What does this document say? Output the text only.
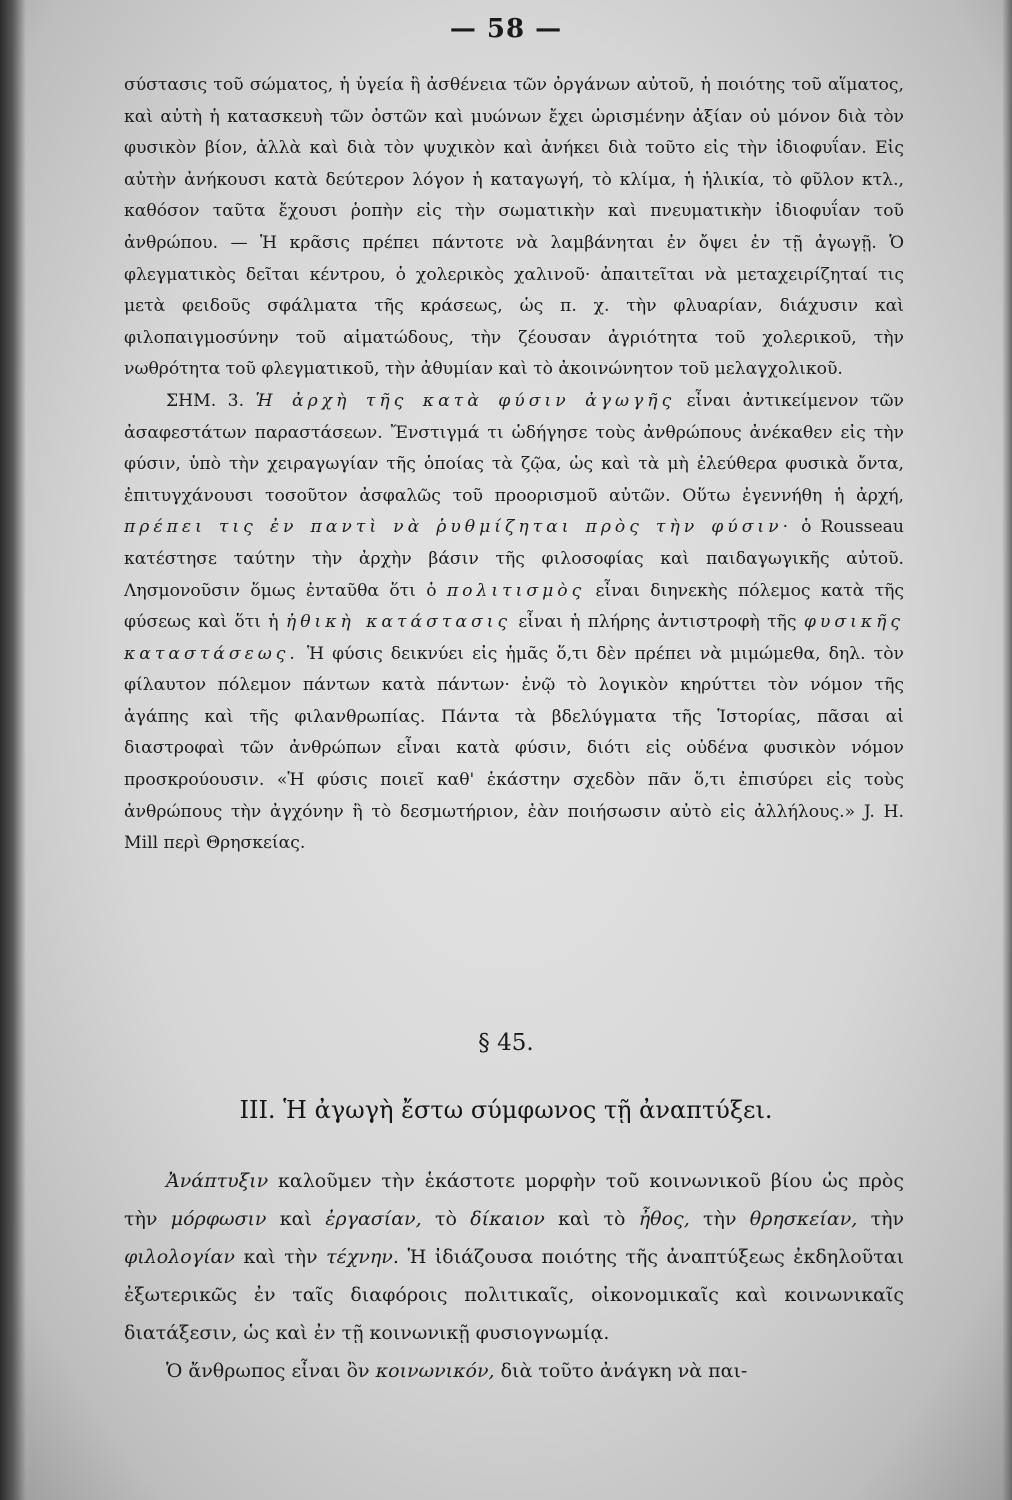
— 58 —

σύστασις τοῦ σώματος, ἡ ὑγεία ἢ ἀσθένεια τῶν ὀργάνων αὐτοῦ, ἡ ποιότης τοῦ αἵματος, καὶ αὐτὴ ἡ κατασκευὴ τῶν ὀστῶν καὶ μυώνων ἔχει ὡρισμένην ἀξίαν οὐ μόνον διὰ τὸν φυσικὸν βίον, ἀλλὰ καὶ διὰ τὸν ψυχικὸν καὶ ἀνήκει διὰ τοῦτο εἰς τὴν ἰδιοφυΐαν. Εἰς αὐτὴν ἀνήκουσι κατὰ δεύτερον λόγον ἡ καταγωγή, τὸ κλίμα, ἡ ἡλικία, τὸ φῦλον κτλ., καθόσον ταῦτα ἔχουσι ῥοπὴν εἰς τὴν σωματικὴν καὶ πνευματικὴν ἰδιοφυΐαν τοῦ ἀνθρώπου. — Ἡ κρᾶσις πρέπει πάντοτε νὰ λαμβάνηται ἐν ὄψει ἐν τῇ ἀγωγῇ. Ὁ φλεγματικὸς δεῖται κέντρου, ὁ χολερικὸς χαλινοῦ· ἀπαιτεῖται νὰ μεταχειρίζηταί τις μετὰ φειδοῦς σφάλματα τῆς κράσεως, ὡς π. χ. τὴν φλυαρίαν, διάχυσιν καὶ φιλοπαιγμοσύνην τοῦ αἱματώδους, τὴν ζέουσαν ἀγριότητα τοῦ χολερικοῦ, τὴν νωθρότητα τοῦ φλεγματικοῦ, τὴν ἀθυμίαν καὶ τὸ ἀκοινώνητον τοῦ μελαγχολικοῦ.

ΣΗΜ. 3. Ἡ ἀρχὴ τῆς κατὰ φύσιν ἀγωγῆς εἶναι ἀντικείμενον τῶν ἀσαφεστάτων παραστάσεων. Ἔνστιγμά τι ὡδήγησε τοὺς ἀνθρώπους ἀνέκαθεν εἰς τὴν φύσιν, ὑπὸ τὴν χειραγωγίαν τῆς ὁποίας τὰ ζῷα, ὡς καὶ τὰ μὴ ἐλεύθερα φυσικὰ ὄντα, ἐπιτυγχάνουσι τοσοῦτον ἀσφαλῶς τοῦ προορισμοῦ αὐτῶν. Οὕτω ἐγεννήθη ἡ ἀρχή, πρέπει τις ἐν παντὶ νὰ ῥυθμίζηται πρὸς τὴν φύσιν· ὁ Rousseau κατέστησε ταύτην τὴν ἀρχὴν βάσιν τῆς φιλοσοφίας καὶ παιδαγωγικῆς αὐτοῦ. Λησμονοῦσιν ὅμως ἐνταῦθα ὅτι ὁ πολιτισμὸς εἶναι διηνεκὴς πόλεμος κατὰ τῆς φύσεως καὶ ὅτι ἡ ἠθικὴ κατάστασις εἶναι ἡ πλήρης ἀντιστροφὴ τῆς φυσικῆς καταστάσεως. Ἡ φύσις δεικνύει εἰς ἡμᾶς ὅ,τι δὲν πρέπει νὰ μιμώμεθα, δηλ. τὸν φίλαυτον πόλεμον πάντων κατὰ πάντων· ἐνῷ τὸ λογικὸν κηρύττει τὸν νόμον τῆς ἀγάπης καὶ τῆς φιλανθρωπίας. Πάντα τὰ βδελύγματα τῆς Ἱστορίας, πᾶσαι αἱ διαστροφαὶ τῶν ἀνθρώπων εἶναι κατὰ φύσιν, διότι εἰς οὐδένα φυσικὸν νόμον προσκρούουσιν. «Ἡ φύσις ποιεῖ καθ' ἑκάστην σχεδὸν πᾶν ὅ,τι ἐπισύρει εἰς τοὺς ἀνθρώπους τὴν ἀγχόνην ἢ τὸ δεσμωτήριον, ἐὰν ποιήσωσιν αὐτὸ εἰς ἀλλήλους.» J. H. Mill περὶ Θρησκείας.

§ 45.
III. Ἡ ἀγωγὴ ἔστω σύμφωνος τῇ ἀναπτύξει.

Ἀνάπτυξιν καλοῦμεν τὴν ἑκάστοτε μορφὴν τοῦ κοινωνικοῦ βίου ὡς πρὸς τὴν μόρφωσιν καὶ ἐργασίαν, τὸ δίκαιον καὶ τὸ ἦθος, τὴν θρησκείαν, τὴν φιλολογίαν καὶ τὴν τέχνην. Ἡ ἰδιάζουσα ποιότης τῆς ἀναπτύξεως ἐκδηλοῦται ἐξωτερικῶς ἐν ταῖς διαφόροις πολιτικαῖς, οἰκονομικαῖς καὶ κοινωνικαῖς διατάξεσιν, ὡς καὶ ἐν τῇ κοινωνικῇ φυσιογνωμίᾳ.

Ὁ ἄνθρωπος εἶναι ὂν κοινωνικόν, διὰ τοῦτο ἀνάγκη νὰ παι-
